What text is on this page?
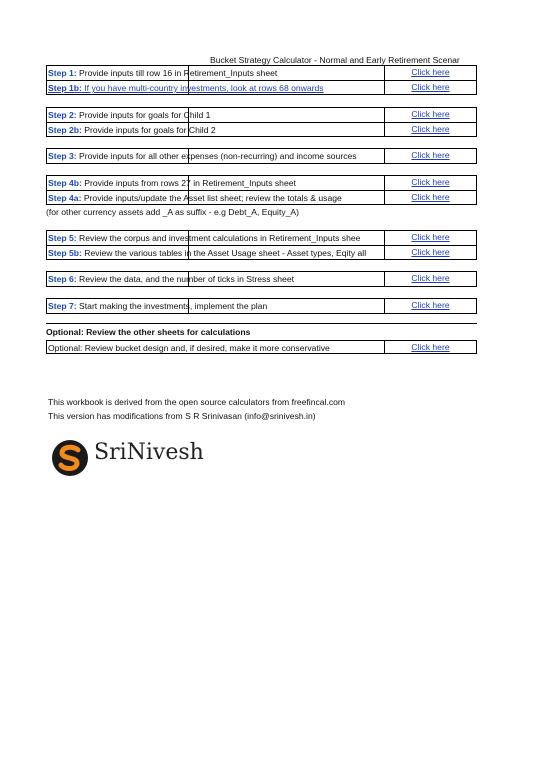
Bucket Strategy Calculator - Normal and Early Retirement Scenar
Step 1: Provide inputs till row 16 in Retirement_Inputs sheet	Click here
Step 1b: If you have multi-country investments, look at rows 68 onwards	Click here
Step 2: Provide inputs for goals for Child 1	Click here
Step 2b: Provide inputs for goals for Child 2	Click here
Step 3: Provide inputs for all other expenses (non-recurring) and income sources	Click here
Step 4b: Provide inputs from rows 27 in Retirement_Inputs sheet	Click here
Step 4a: Provide inputs/update the Asset list sheet; review the totals & usage	Click here
Step 5: Review the corpus and investment calculations in Retirement_Inputs shee	Click here
Step 5b: Review the various tables in the Asset Usage sheet - Asset types, Eqity all	Click here
Step 6: Review the data, and the number of ticks in Stress sheet	Click here
Step 7: Start making the investments, implement the plan	Click here
(for other currency assets add _A as suffix - e.g Debt_A, Equity_A)
Optional: Review the other sheets for calculations
Optional: Review bucket design and, if desired, make it more conservative	Click here
This workbook is derived from the open source calculators from freefincal.com
This version has modifications from S R Srinivasan (info@srinivesh.in)
SriNivesh
